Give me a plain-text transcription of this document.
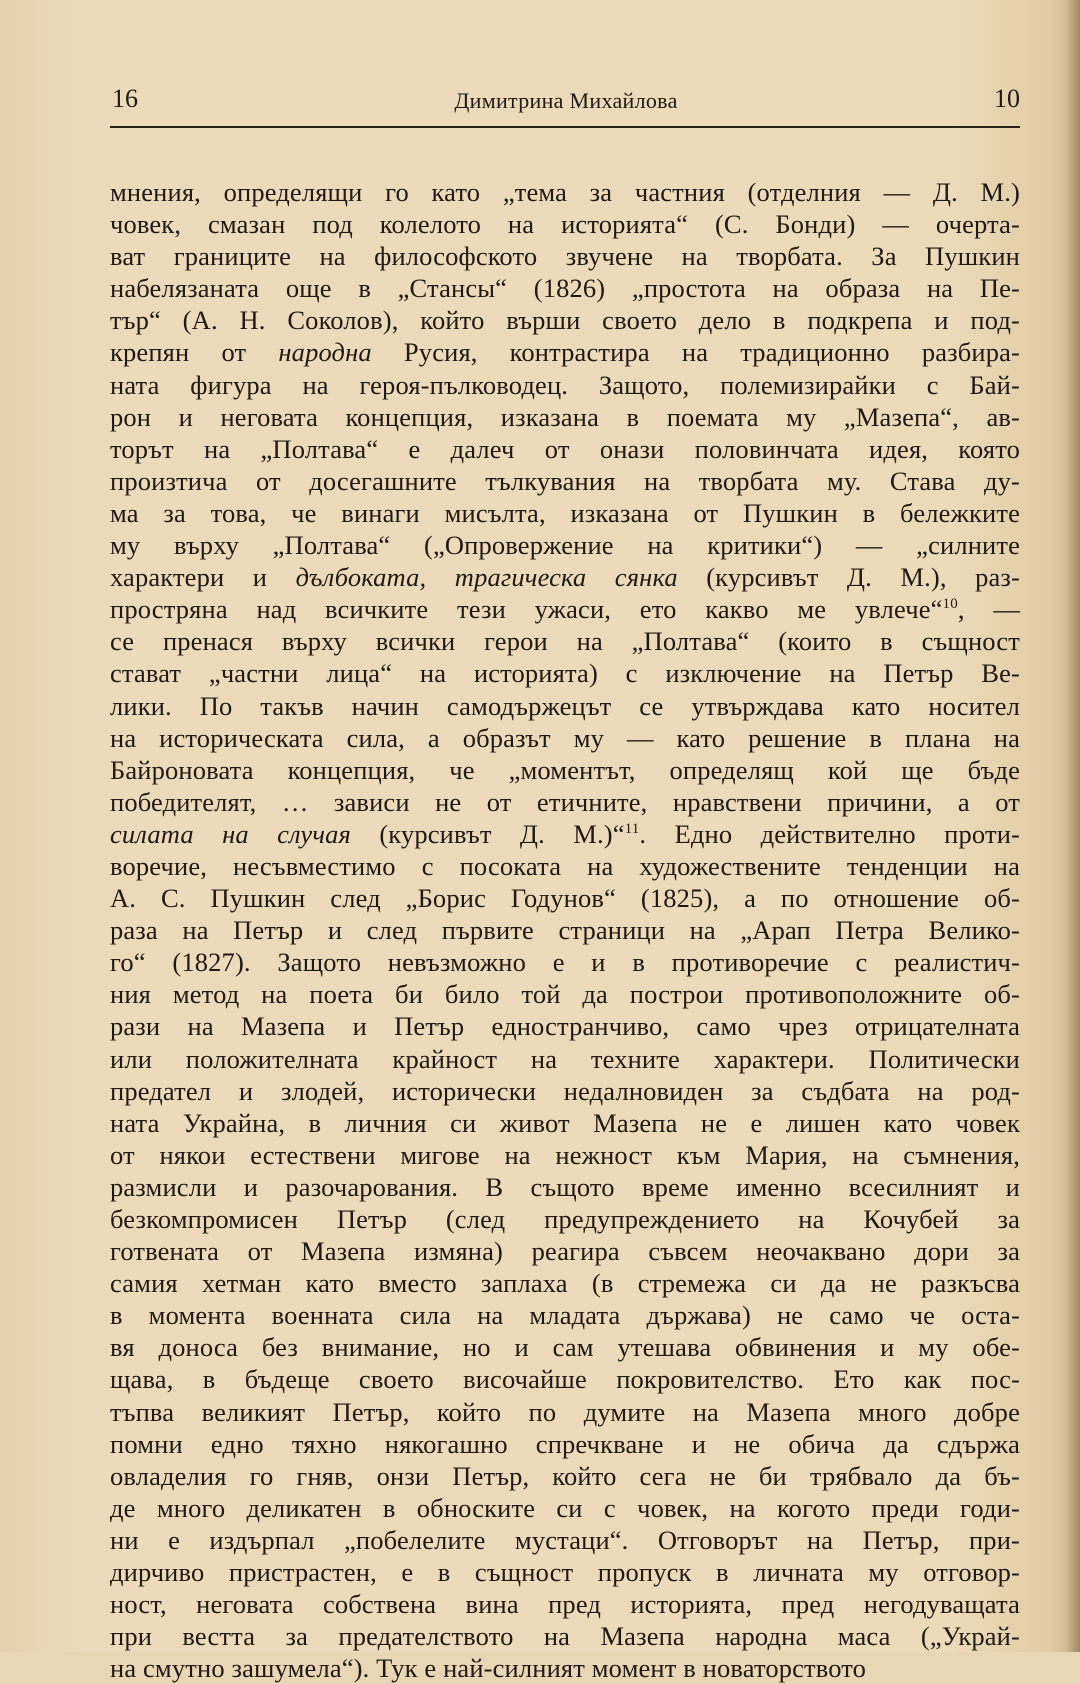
16	Димитрина Михайлова	10
мнения, определящи го като „тема за частния (отделния — Д. М.)
човек, смазан под колелото на историята“ (С. Бонди) — очерта-
ват границите на философското звучене на творбата. За Пушкин
набелязаната още в „Стансы“ (1826) „простота на образа на Пе-
тър“ (А. Н. Соколов), който върши своето дело в подкрепа и под-
крепян от народна Русия, контрастира на традиционно разбира-
ната фигура на героя-пълководец. Защото, полемизирайки с Бай-
рон и неговата концепция, изказана в поемата му „Мазепа“, ав-
торът на „Полтава“ е далеч от онази половинчата идея, която
произтича от досегашните тълкувания на творбата му. Става ду-
ма за това, че винаги мисълта, изказана от Пушкин в бележките
му върху „Полтава“ („Опровержение на критики“) — „силните
характери и дълбоката, трагическа сянка (курсивът Д. М.), раз-
простряна над всичките тези ужаси, ето какво ме увлече“$^{10}$, —
се пренася върху всички герои на „Полтава“ (които в същност
стават „частни лица“ на историята) с изключение на Петър Ве-
лики. По такъв начин самодържецът се утвърждава като носител
на историческата сила, а образът му — като решение в плана на
Байроновата концепция, че „моментът, определящ кой ще бъде
победителят, … зависи не от етичните, нравствени причини, а от
силата на случая (курсивът Д. М.)“$^{11}$. Едно действително проти-
воречие, несъвместимо с посоката на художествените тенденции на
А. С. Пушкин след „Борис Годунов“ (1825), а по отношение об-
раза на Петър и след първите страници на „Арап Петра Велико-
го“ (1827). Защото невъзможно е и в противоречие с реалистич-
ния метод на поета би било той да построи противоположните об-
рази на Мазепа и Петър едностранчиво, само чрез отрицателната
или положителната крайност на техните характери. Политически
предател и злодей, исторически недалновиден за съдбата на род-
ната Украйна, в личния си живот Мазепа не е лишен като човек
от някои естествени мигове на нежност към Мария, на съмнения,
размисли и разочарования. В същото време именно всесилният и
безкомпромисен Петър (след предупреждението на Кочубей за
готвената от Мазепа измяна) реагира съвсем неочаквано дори за
самия хетман като вместо заплаха (в стремежа си да не разкъсва
в момента военната сила на младата държава) не само че оста-
вя доноса без внимание, но и сам утешава обвинения и му обе-
щава, в бъдеще своето височайше покровителство. Ето как пос-
тъпва великият Петър, който по думите на Мазепа много добре
помни едно тяхно някогашно спречкване и не обича да сдържа
овладелия го гняв, онзи Петър, който сега не би трябвало да бъ-
де много деликатен в обноските си с човек, на когото преди годи-
ни е издърпал „побелелите мустаци“. Отговорът на Петър, при-
дирчиво пристрастен, е в същност пропуск в личната му отговор-
ност, неговата собствена вина пред историята, пред негодуващата
при вестта за предателството на Мазепа народна маса („Украй-
на смутно зашумела“). Тук е най-силният момент в новаторството
